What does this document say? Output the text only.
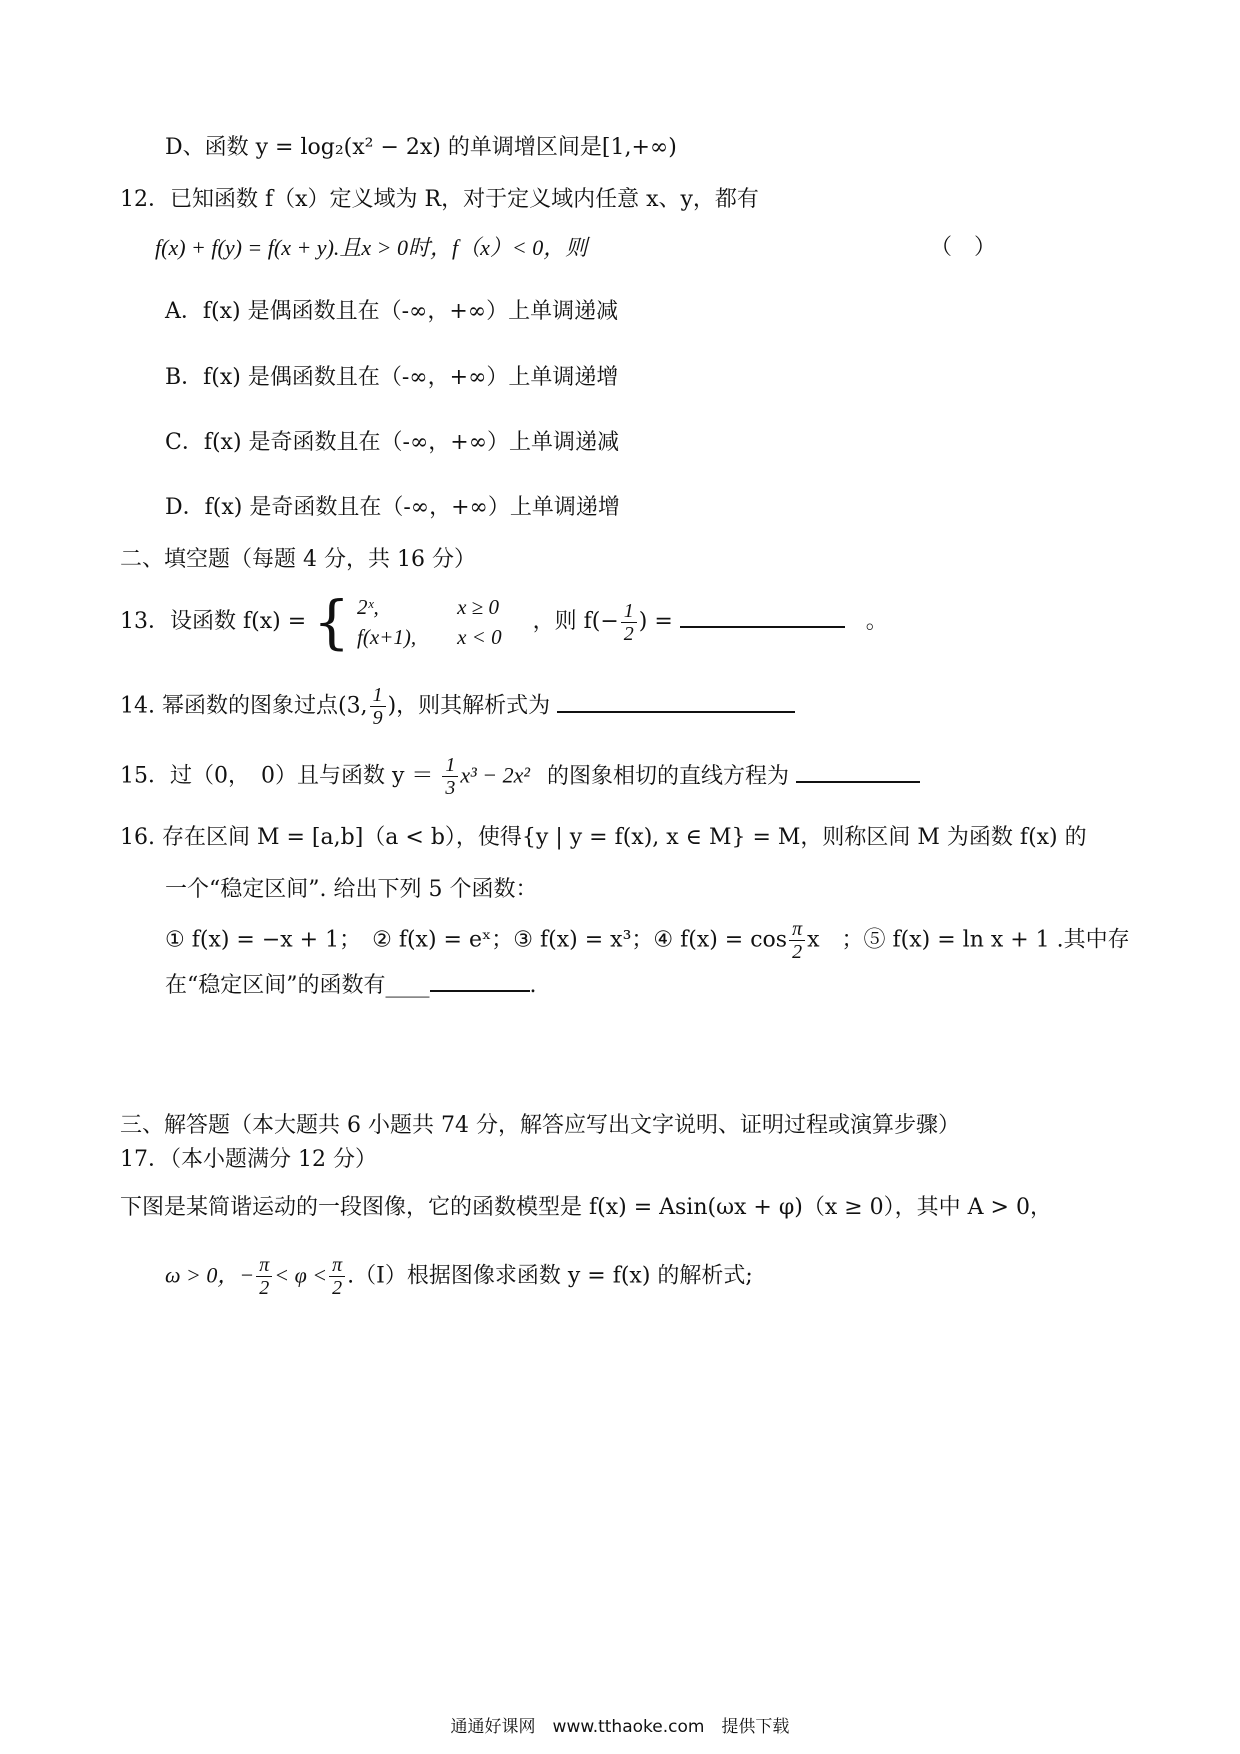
D、函数 y = log₂(x² − 2x) 的单调增区间是[1,+∞)
12．已知函数 f（x）定义域为 R，对于定义域内任意 x、y，都有
f(x) + f(y) = f(x + y).且x > 0时，f（x）< 0，则	（　）
A．f(x) 是偶函数且在（-∞，+∞）上单调递减
B．f(x) 是偶函数且在（-∞，+∞）上单调递增
C．f(x) 是奇函数且在（-∞，+∞）上单调递减
D．f(x) 是奇函数且在（-∞，+∞）上单调递增
二、填空题（每题 4 分，共 16 分）
13．设函数 f(x) = { 2ˣ,
f(x+1),

x ≥ 0
x < 0
，则 $f(- \frac{1}{2}$ ) =	。
14. 幂函数的图象过点(3, $\frac{1}{9}$ )，则其解析式为
15．过（0，　0）且与函数 $y = \frac{1}{3} x^3 - 2x^2$ 的图象相切的直线方程为
16. 存在区间 M = [a,b]（a < b），使得{y | y = f(x), x ∈ M} = M，则称区间 M 为函数 f(x) 的
一个“稳定区间”. 给出下列 5 个函数：
① f(x) = −x + 1；　② f(x) = eˣ；③ f(x) = x³；④ $f(x) = \cos \frac{\pi}{2}$ x　；⑤ f(x) = ln x + 1 .其中存
在“稳定区间”的函数有____	.
三、解答题（本大题共 6 小题共 74 分，解答应写出文字说明、证明过程或演算步骤）
17．（本小题满分 12 分）
下图是某简谐运动的一段图像，它的函数模型是 f(x) = Asin(ωx + φ)（x ≥ 0），其中 A > 0，
ω > 0，− $\frac{\pi}{2} < \varphi < \frac{\pi}{2}$ .（Ⅰ）根据图像求函数 y = f(x) 的解析式;
通通好课网　www.tthaoke.com　提供下载
